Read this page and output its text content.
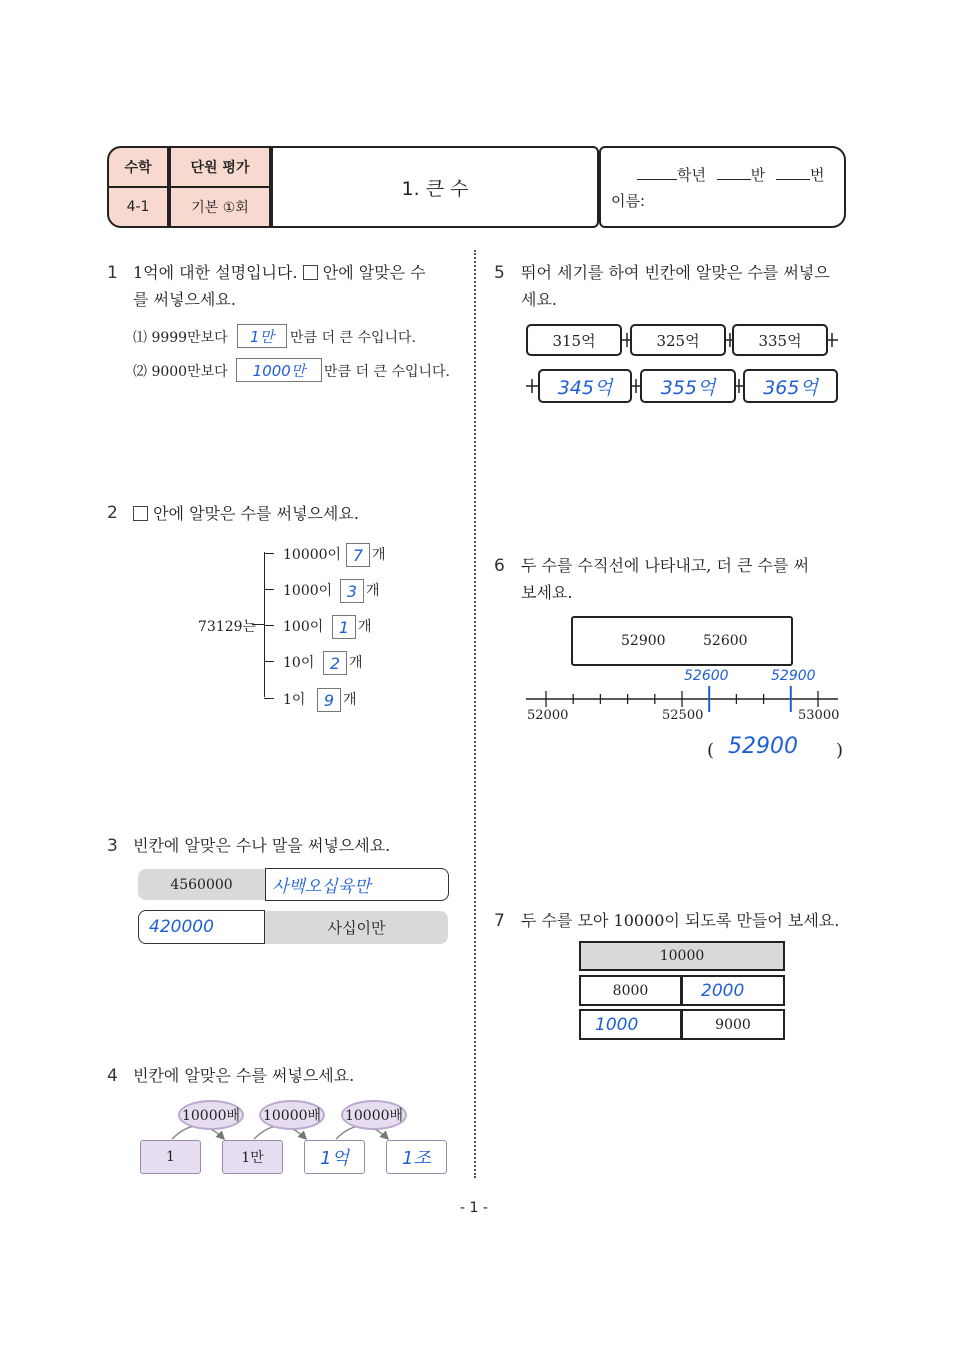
수학
4-1
단원 평가
기본 ①회
1. 큰 수
학년	반	번
이름:
1 1억에 대한 설명입니다. 안에 알맞은 수
를 써넣으세요.
⑴ 9999만보다	1만	만큼 더 큰 수입니다.
⑵ 9000만보다	1000만	만큼 더 큰 수입니다.
2	안에 알맞은 수를 써넣으세요.
73129는
10000이 7 개
1000이 3 개
100이 1 개
10이 2 개
1이	9 개
3 빈칸에 알맞은 수나 말을 써넣으세요.
4560000	사백오십육만
420000	사십이만
4 빈칸에 알맞은 수를 써넣으세요.
10000배 10000배 10000배
1	1만	1억	1조
5 뛰어 세기를 하여 빈칸에 알맞은 수를 써넣으
세요.
315억	325억	335억
345억	355억	365억
6 두 수를 수직선에 나타내고, 더 큰 수를 써
보세요.
52900	52600
52000	52500	53000
52600	52900
( 52900 )
7 두 수를 모아 10000이 되도록 만들어 보세요.
10000
8000	2000
1000	9000
- 1 -
